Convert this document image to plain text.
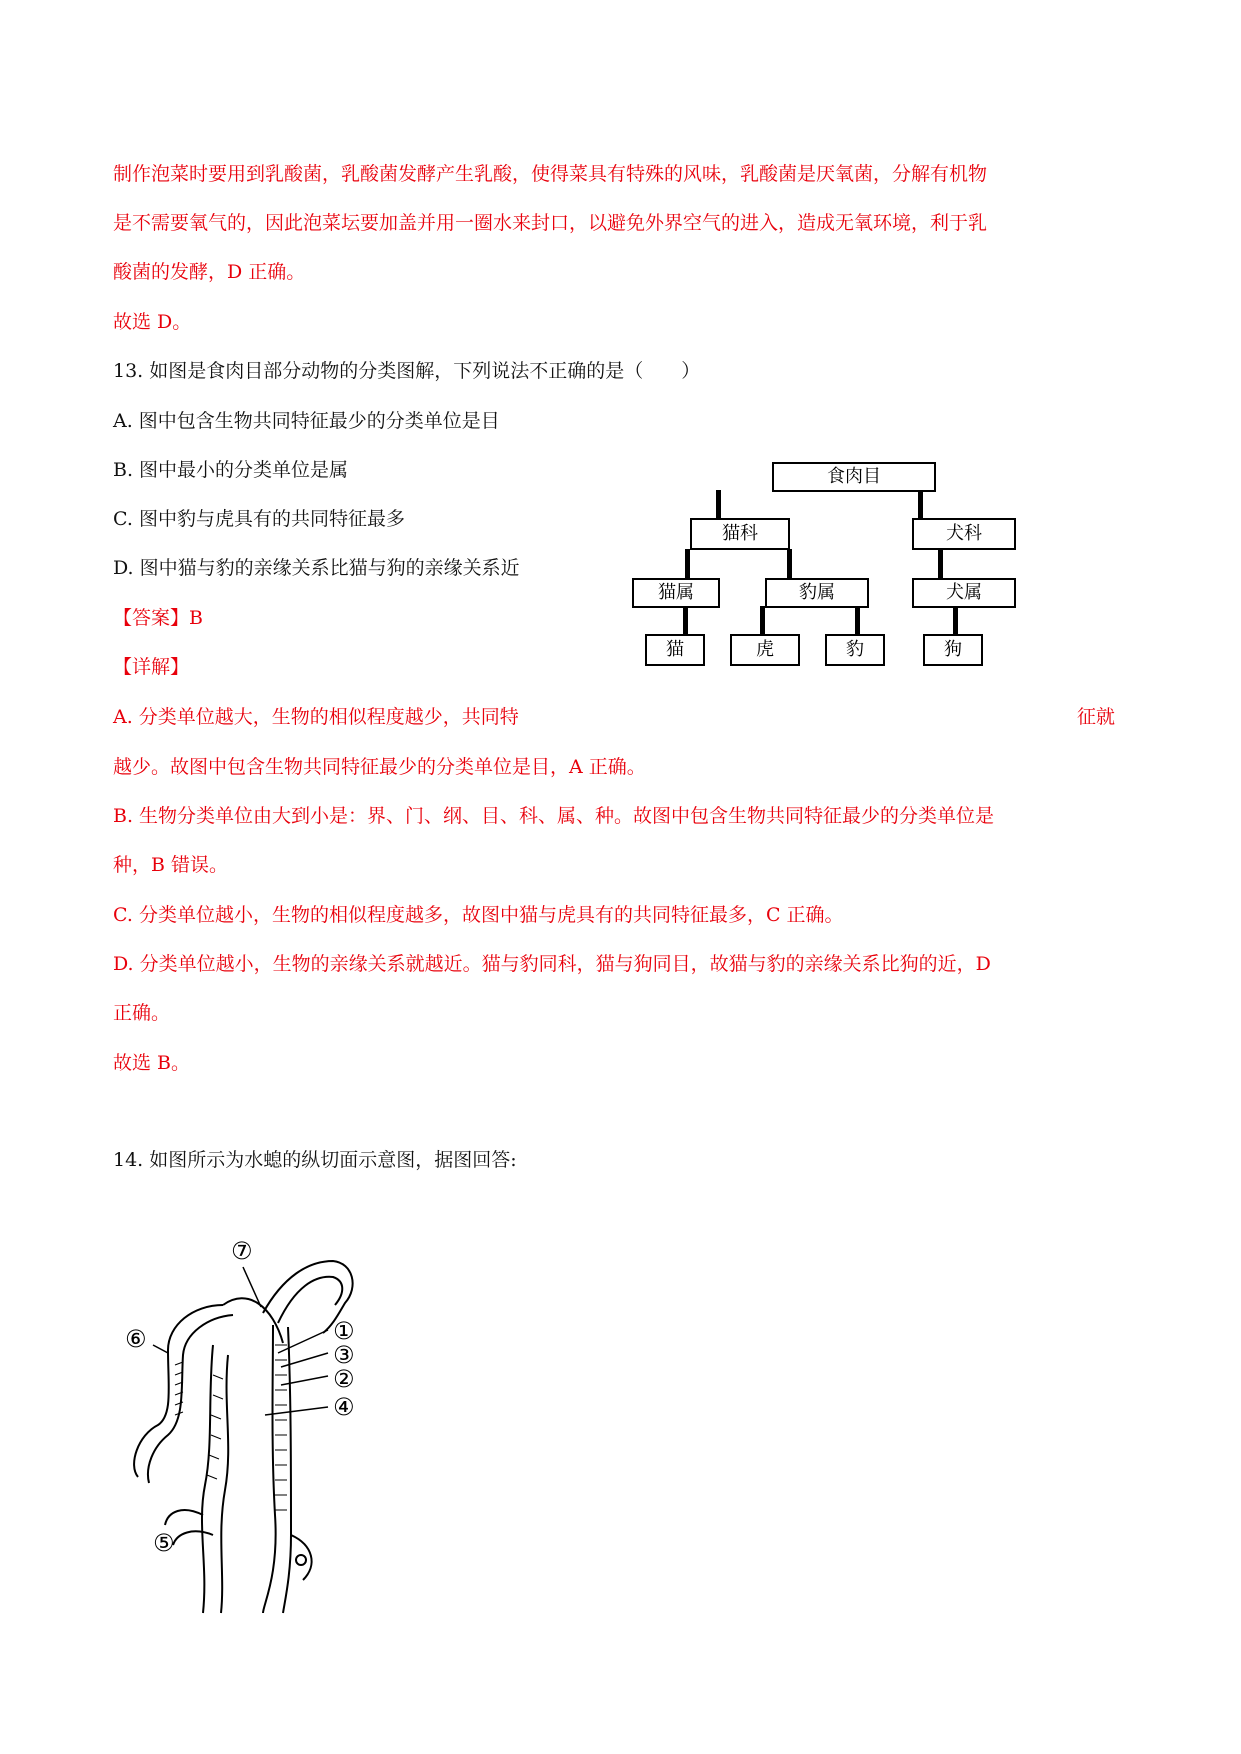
制作泡菜时要用到乳酸菌，乳酸菌发酵产生乳酸，使得菜具有特殊的风味，乳酸菌是厌氧菌，分解有机物
是不需要氧气的，因此泡菜坛要加盖并用一圈水来封口，以避免外界空气的进入，造成无氧环境，利于乳
酸菌的发酵，D 正确。
故选 D。
13. 如图是食肉目部分动物的分类图解，下列说法不正确的是（　　）
A. 图中包含生物共同特征最少的分类单位是目
B. 图中最小的分类单位是属
C. 图中豹与虎具有的共同特征最多
D. 图中猫与豹的亲缘关系比猫与狗的亲缘关系近
【答案】B
【详解】
A. 分类单位越大，生物的相似程度越少，共同特	征就
越少。故图中包含生物共同特征最少的分类单位是目，A 正确。
B. 生物分类单位由大到小是：界、门、纲、目、科、属、种。故图中包含生物共同特征最少的分类单位是
种，B 错误。
C. 分类单位越小，生物的相似程度越多，故图中猫与虎具有的共同特征最多，C 正确。
D. 分类单位越小，生物的亲缘关系就越近。猫与豹同科，猫与狗同目，故猫与豹的亲缘关系比狗的近，D
正确。
故选 B。
食肉目
猫科	犬科
猫属	豹属	犬属
猫	虎	豹	狗
14. 如图所示为水螅的纵切面示意图，据图回答:
⑦
⑥	①
③
②
④
⑤
